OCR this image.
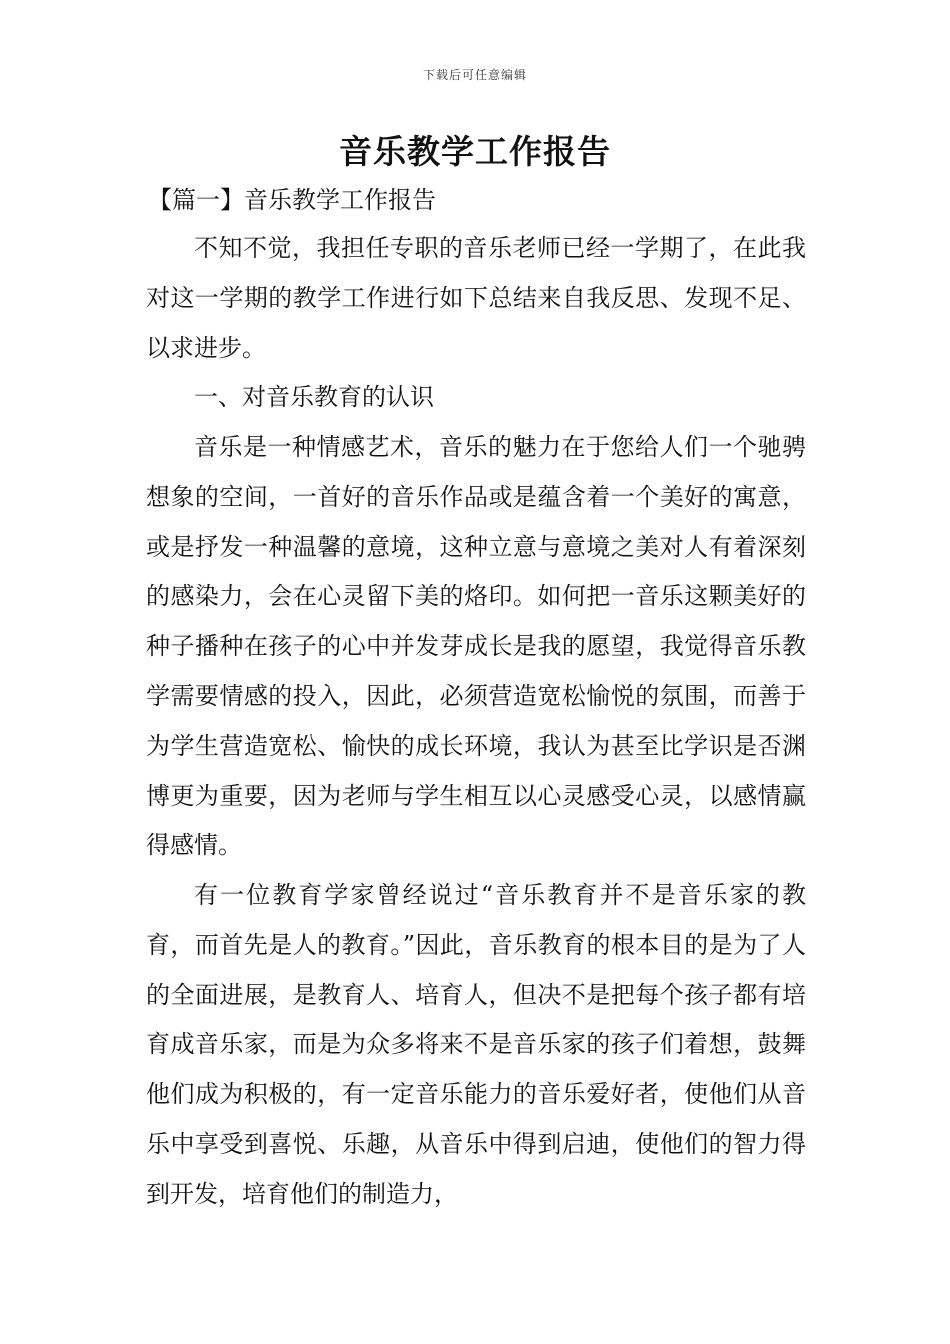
下载后可任意编辑
音乐教学工作报告
【篇一】音乐教学工作报告

不知不觉，我担任专职的音乐老师已经一学期了，在此我对这一学期的教学工作进行如下总结来自我反思、发现不足、以求进步。

一、对音乐教育的认识

音乐是一种情感艺术，音乐的魅力在于您给人们一个驰骋想象的空间，一首好的音乐作品或是蕴含着一个美好的寓意，或是抒发一种温馨的意境，这种立意与意境之美对人有着深刻的感染力，会在心灵留下美的烙印。如何把一音乐这颗美好的种子播种在孩子的心中并发芽成长是我的愿望，我觉得音乐教学需要情感的投入，因此，必须营造宽松愉悦的氛围，而善于为学生营造宽松、愉快的成长环境，我认为甚至比学识是否渊博更为重要，因为老师与学生相互以心灵感受心灵，以感情赢得感情。

有一位教育学家曾经说过“音乐教育并不是音乐家的教育，而首先是人的教育。”因此，音乐教育的根本目的是为了人的全面进展，是教育人、培育人，但决不是把每个孩子都有培育成音乐家，而是为众多将来不是音乐家的孩子们着想，鼓舞他们成为积极的，有一定音乐能力的音乐爱好者，使他们从音乐中享受到喜悦、乐趣，从音乐中得到启迪，使他们的智力得到开发，培育他们的制造力，
